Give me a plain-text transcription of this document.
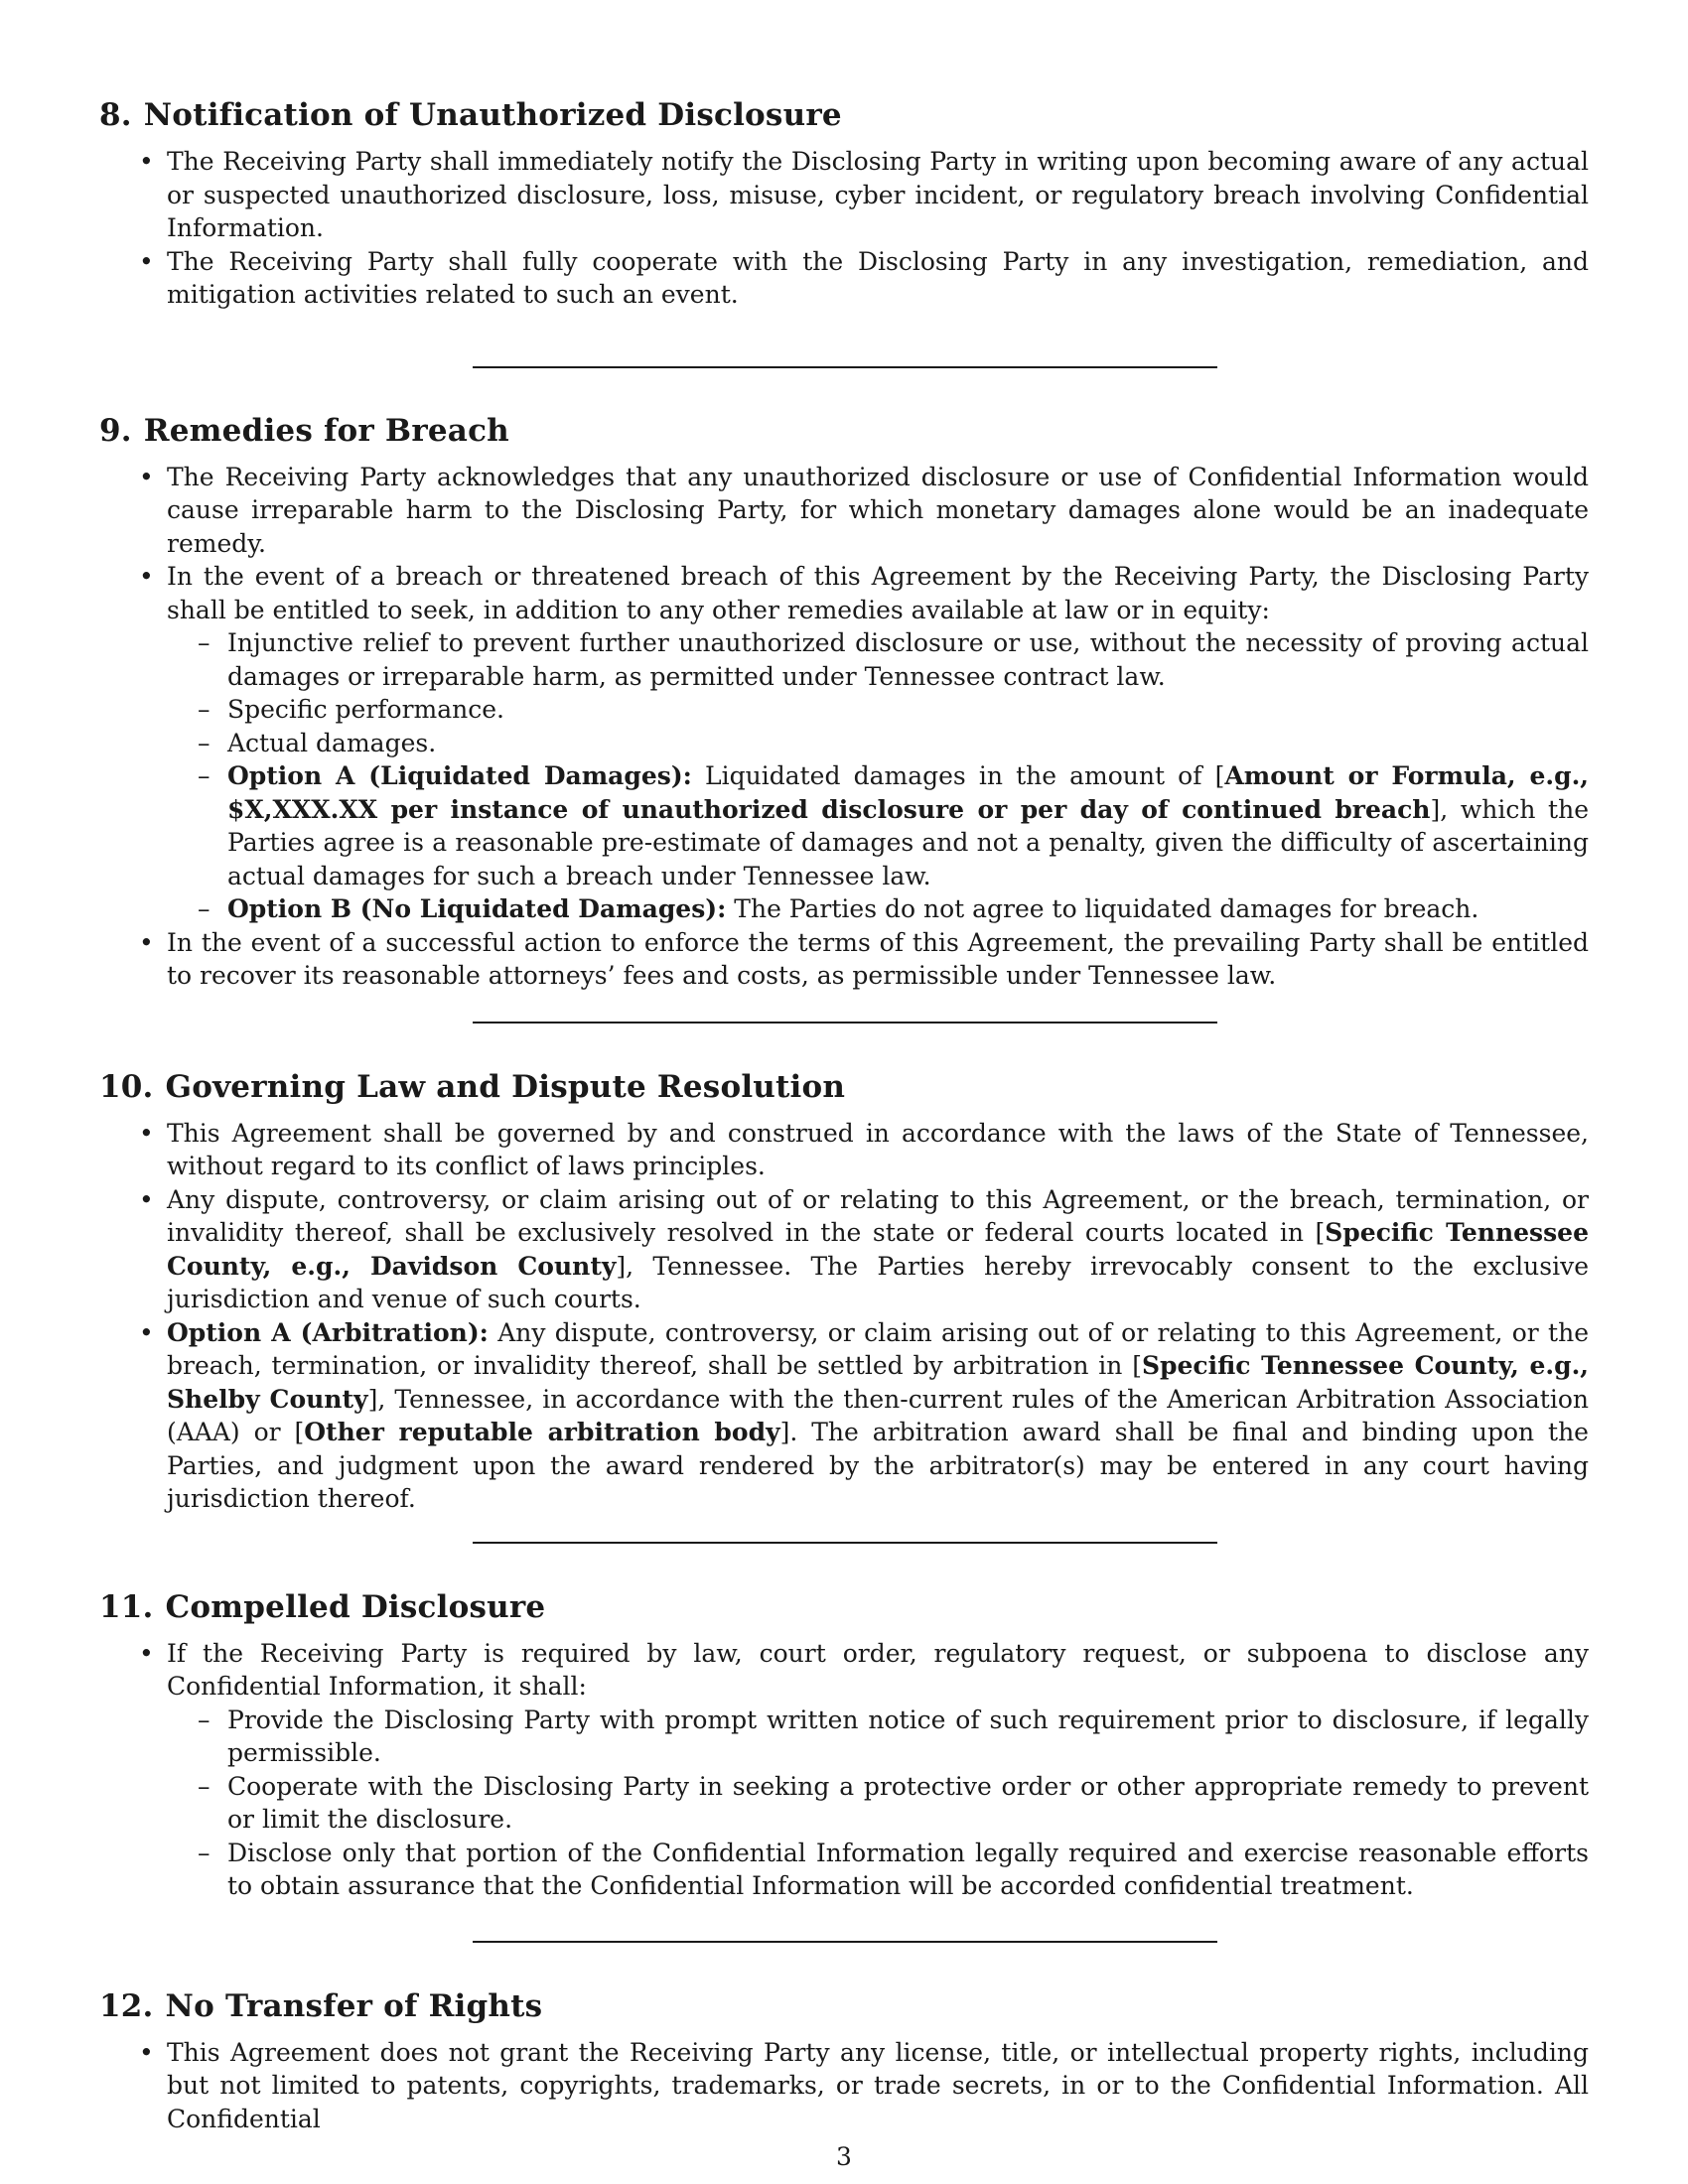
8. Notification of Unauthorized Disclosure
• The Receiving Party shall immediately notify the Disclosing Party in writing upon becoming aware of any actual or suspected unauthorized disclosure, loss, misuse, cyber incident, or regulatory breach involving Confidential Information.
• The Receiving Party shall fully cooperate with the Disclosing Party in any investigation, remediation, and mitigation activities related to such an event.
9. Remedies for Breach
• The Receiving Party acknowledges that any unauthorized disclosure or use of Confidential Information would cause irreparable harm to the Disclosing Party, for which monetary damages alone would be an inadequate remedy.
• In the event of a breach or threatened breach of this Agreement by the Receiving Party, the Disclosing Party shall be entitled to seek, in addition to any other remedies available at law or in equity:
– Injunctive relief to prevent further unauthorized disclosure or use, without the necessity of proving actual damages or irreparable harm, as permitted under Tennessee contract law.
– Specific performance.
– Actual damages.
– Option A (Liquidated Damages): Liquidated damages in the amount of [Amount or Formula, e.g., $X,XXX.XX per instance of unauthorized disclosure or per day of continued breach], which the Parties agree is a reasonable pre-estimate of damages and not a penalty, given the difficulty of ascertaining actual damages for such a breach under Tennessee law.
– Option B (No Liquidated Damages): The Parties do not agree to liquidated damages for breach.
• In the event of a successful action to enforce the terms of this Agreement, the prevailing Party shall be entitled to recover its reasonable attorneys’ fees and costs, as permissible under Tennessee law.
10. Governing Law and Dispute Resolution
• This Agreement shall be governed by and construed in accordance with the laws of the State of Tennessee, without regard to its conflict of laws principles.
• Any dispute, controversy, or claim arising out of or relating to this Agreement, or the breach, termination, or invalidity thereof, shall be exclusively resolved in the state or federal courts located in [Specific Tennessee County, e.g., Davidson County], Tennessee. The Parties hereby irrevocably consent to the exclusive jurisdiction and venue of such courts.
• Option A (Arbitration): Any dispute, controversy, or claim arising out of or relating to this Agreement, or the breach, termination, or invalidity thereof, shall be settled by arbitration in [Specific Tennessee County, e.g., Shelby County], Tennessee, in accordance with the then-current rules of the American Arbitration Association (AAA) or [Other reputable arbitration body]. The arbitration award shall be final and binding upon the Parties, and judgment upon the award rendered by the arbitrator(s) may be entered in any court having jurisdiction thereof.
11. Compelled Disclosure
• If the Receiving Party is required by law, court order, regulatory request, or subpoena to disclose any Confidential Information, it shall:
– Provide the Disclosing Party with prompt written notice of such requirement prior to disclosure, if legally permissible.
– Cooperate with the Disclosing Party in seeking a protective order or other appropriate remedy to prevent or limit the disclosure.
– Disclose only that portion of the Confidential Information legally required and exercise reasonable efforts to obtain assurance that the Confidential Information will be accorded confidential treatment.
12. No Transfer of Rights
• This Agreement does not grant the Receiving Party any license, title, or intellectual property rights, including but not limited to patents, copyrights, trademarks, or trade secrets, in or to the Confidential Information. All Confidential
3
